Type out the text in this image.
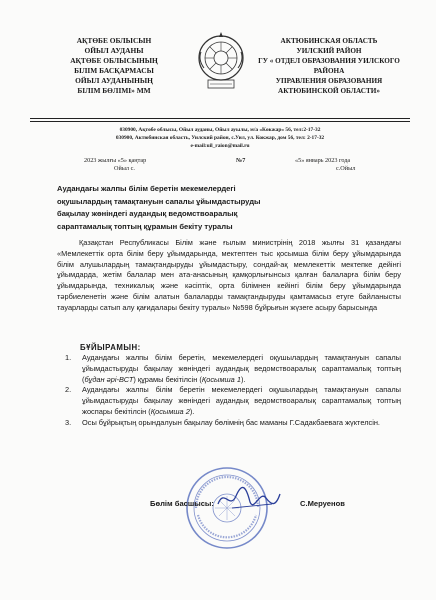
АҚТӨБЕ ОБЛЫСЫН
ОЙЫЛ АУДАНЫ
АҚТӨБЕ ОБЛЫСЫНЫҢ
БІЛІМ БАСҚАРМАСЫ
ОЙЫЛ АУДАНЫНЫҢ
БІЛІМ БӨЛІМІ» ММ
АКТЮБИНСКАЯ ОБЛАСТЬ
УИЛСКИЙ РАЙОН
ГУ « ОТДЕЛ ОБРАЗОВАНИЯ УИЛСКОГО
РАЙОНА
УПРАВЛЕНИЯ ОБРАЗОВАНИЯ
АКТЮБИНСКОЙ ОБЛАСТИ»
030900, Ақтөбе облысы, Ойыл ауданы, Ойыл ауылы, м/а «Көкжар» 56, тел:2-17-32
030900, Актюбинская область, Уилский район, с.Уил, ул. Кокжар, дом 56, тел: 2-17-32
e-mail:uil_raion@mail.ru
2023 жылғы «5» қаңтар	№7	«5» январь 2023 года
Ойыл с.	с.Ойыл
Аудандағы жалпы білім беретін мекемелердегі
оқушылардың тамақтануын сапалы ұйымдастыруды
бақылау жөніндегі аудандық ведомствоаралық
сараптамалық топтың құрамын бекіту туралы

Қазақстан Республикасы Білім және ғылым министрінің 2018 жылғы 31 қазандағы «Мемлекеттік орта білім беру ұйымдарында, мектептен тыс қосымша білім беру ұйымдарында білім алушылардың тамақтандыруды ұйымдастыру, сондай-ақ мемлекеттік мектепке дейінгі ұйымдарда, жетім балалар мен ата-анасының қамқорлығынсыз қалған балаларға білім беру ұйымдарында, техникалық және кәсіптік, орта білімнен кейінгі білім беру ұйымдарында тәрбиеленетін және білім алатын балаларды тамақтандыруды қамтамасыз етуге байланысты тауарларды сатып алу қағидалары бекіту туралы» №598 бұйрығын жүзеге асыру барысында

БҰЙЫРАМЫН:
1. Аудандағы жалпы білім беретін, мекемелердегі оқушылардың тамақтануын сапалы ұйымдастыруды бақылау жөніндегі аудандық ведомствоаралық сараптамалық топтың (бұдан әрі-ВСТ) құрамы бекітілсін (Қосымша 1).
2. Аудандағы жалпы білім беретін мекемелердегі оқушылардың тамақтануын сапалы ұйымдастыруды бақылау жөніндегі аудандық ведомствоаралық сараптамалық топтың жоспары бекітілсін (Қосымша 2).
3. Осы бұйрықтың орындалуын бақылау бөлімнің бас маманы Г.Садакбаевага жүктелсін.
Бөлім басшысы:	С.Меруенов
